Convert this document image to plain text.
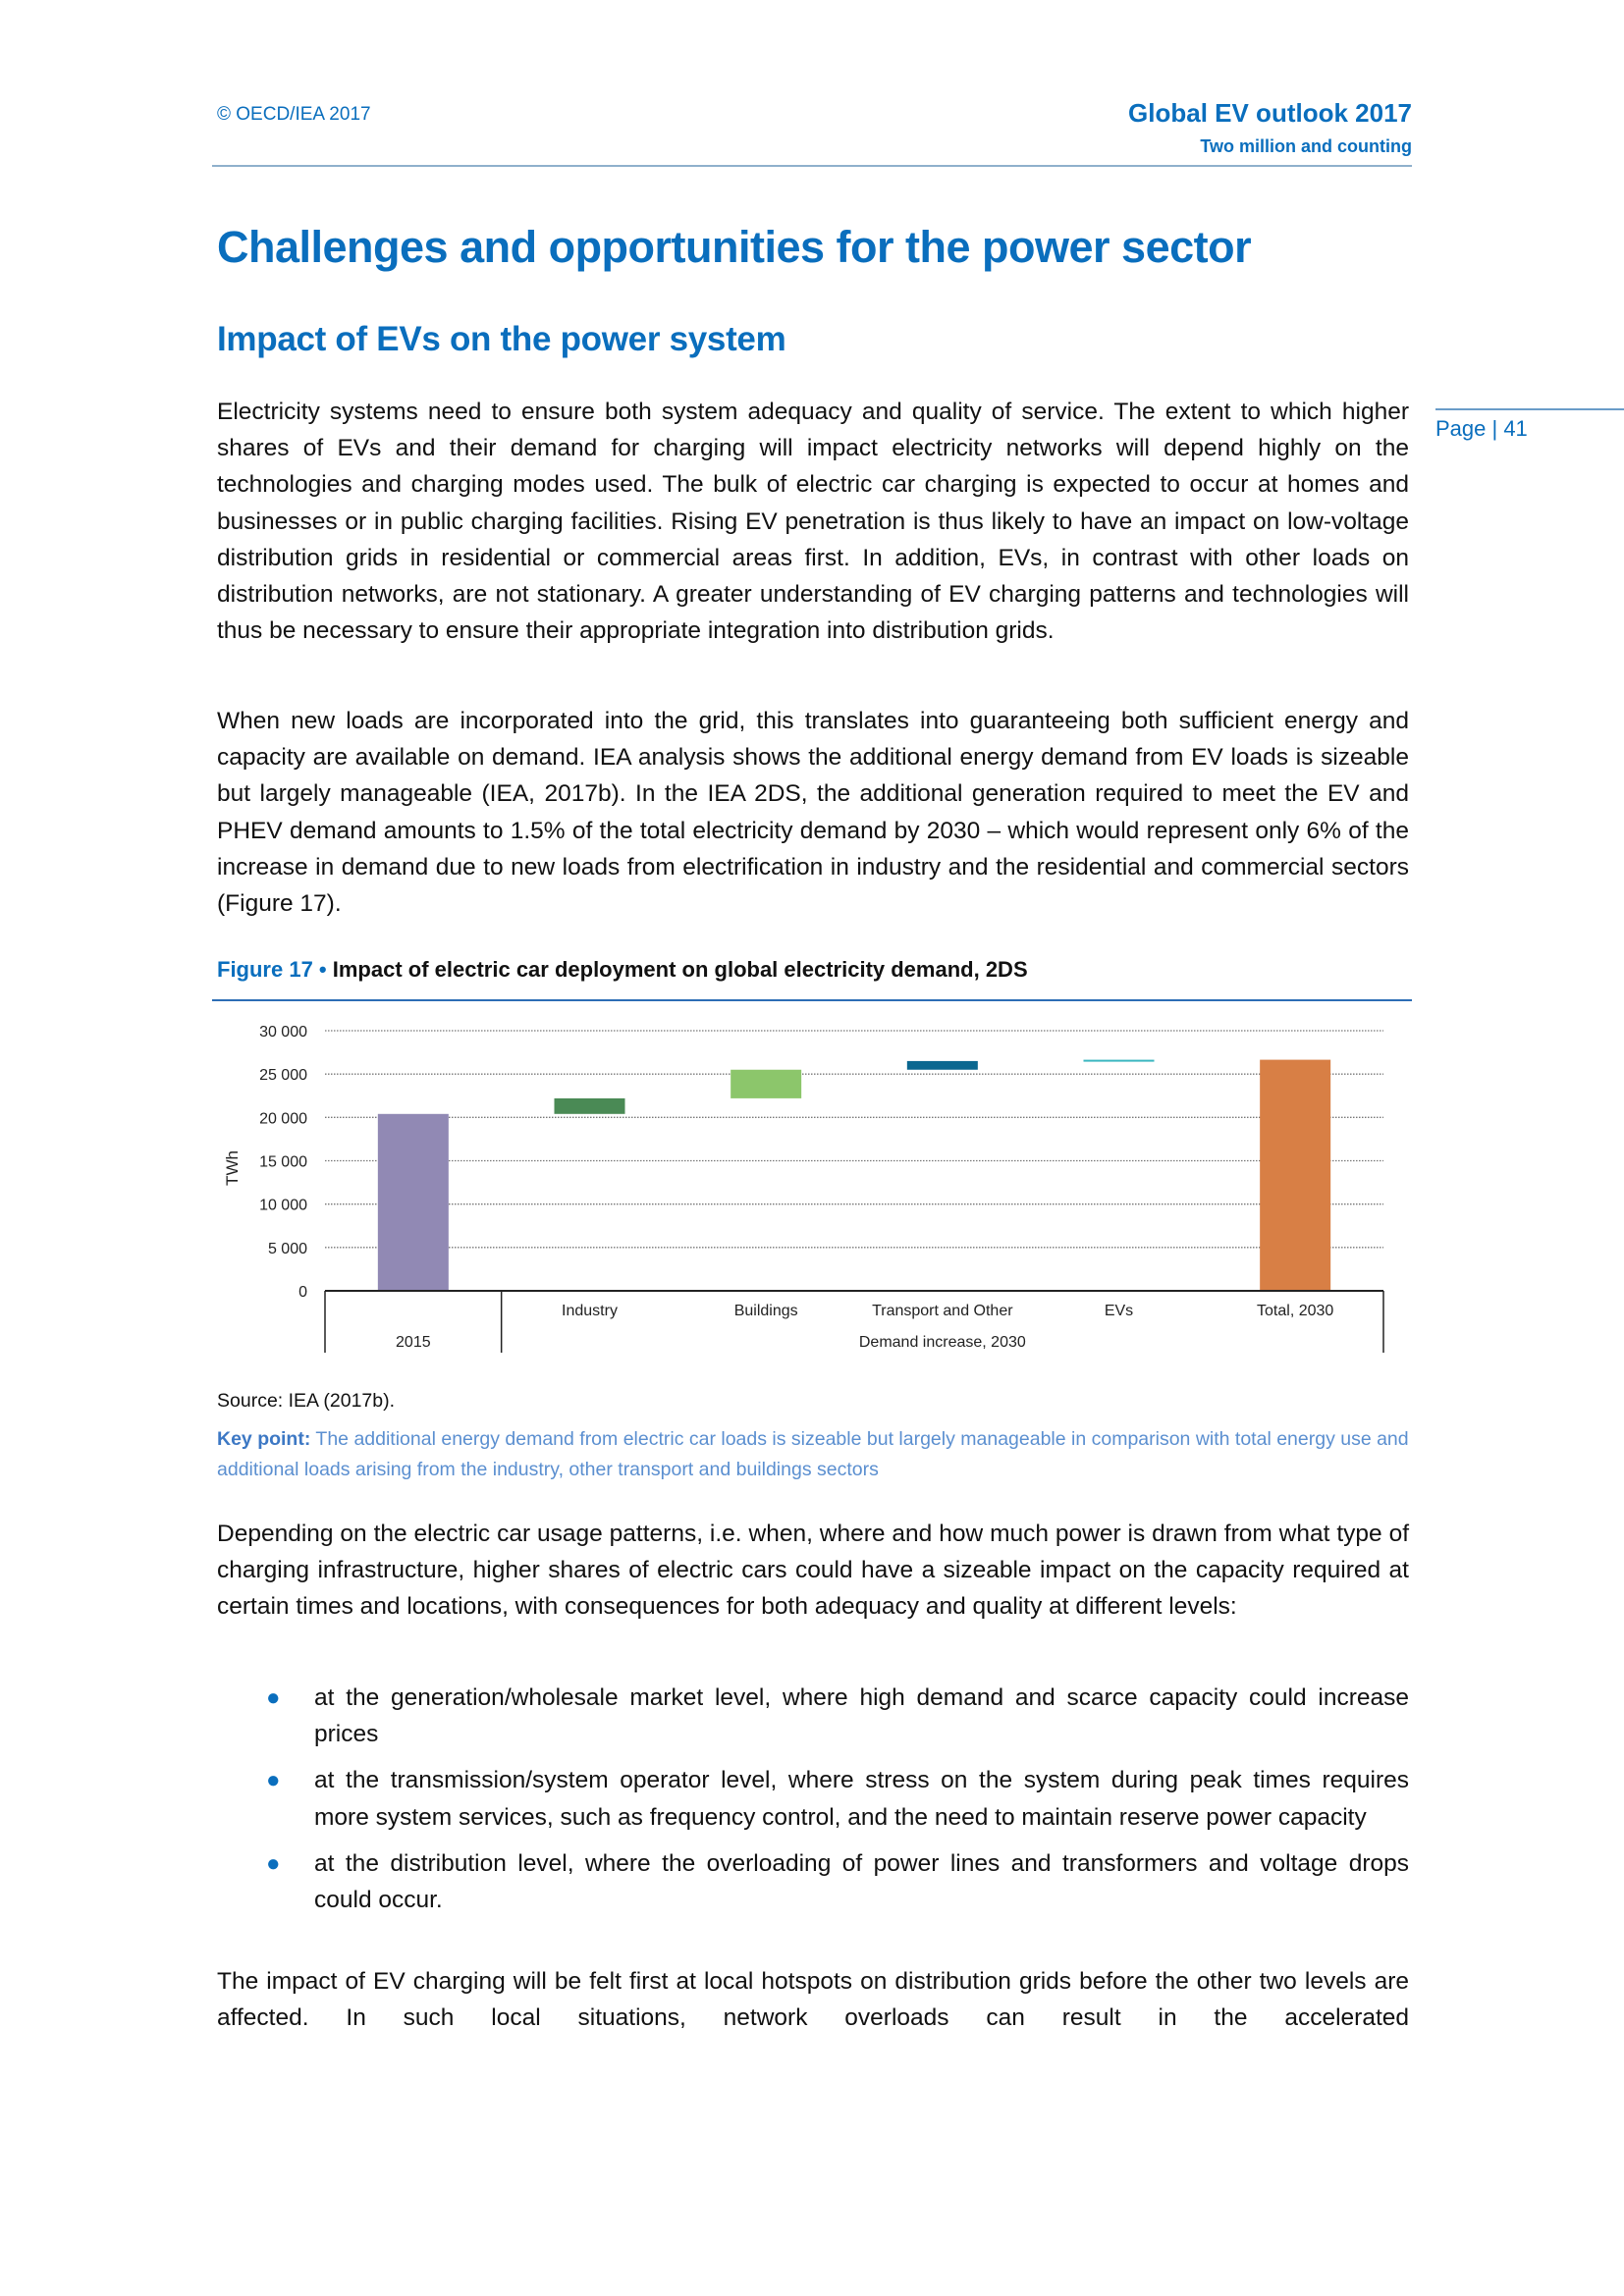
© OECD/IEA 2017	Global EV outlook 2017
Two million and counting
Challenges and opportunities for the power sector
Impact of EVs on the power system
Page | 41

Electricity systems need to ensure both system adequacy and quality of service. The extent to which higher shares of EVs and their demand for charging will impact electricity networks will depend highly on the technologies and charging modes used. The bulk of electric car charging is expected to occur at homes and businesses or in public charging facilities. Rising EV penetration is thus likely to have an impact on low-voltage distribution grids in residential or commercial areas first. In addition, EVs, in contrast with other loads on distribution networks, are not stationary. A greater understanding of EV charging patterns and technologies will thus be necessary to ensure their appropriate integration into distribution grids.

When new loads are incorporated into the grid, this translates into guaranteeing both sufficient energy and capacity are available on demand. IEA analysis shows the additional energy demand from EV loads is sizeable but largely manageable (IEA, 2017b). In the IEA 2DS, the additional generation required to meet the EV and PHEV demand amounts to 1.5% of the total electricity demand by 2030 – which would represent only 6% of the increase in demand due to new loads from electrification in industry and the residential and commercial sectors (Figure 17).

Figure 17 • Impact of electric car deployment on global electricity demand, 2DS
0
5 000
10 000
15 000
20 000
25 000
30 000
Industry	Buildings	Transport and Other	EVs	Total, 2030
2015	Demand increase, 2030
TWh
Source: IEA (2017b).
Key point: The additional energy demand from electric car loads is sizeable but largely manageable in comparison with total energy use and additional loads arising from the industry, other transport and buildings sectors

Depending on the electric car usage patterns, i.e. when, where and how much power is drawn from what type of charging infrastructure, higher shares of electric cars could have a sizeable impact on the capacity required at certain times and locations, with consequences for both adequacy and quality at different levels:

● at the generation/wholesale market level, where high demand and scarce capacity could increase prices
● at the transmission/system operator level, where stress on the system during peak times requires more system services, such as frequency control, and the need to maintain reserve power capacity
● at the distribution level, where the overloading of power lines and transformers and voltage drops could occur.

The impact of EV charging will be felt first at local hotspots on distribution grids before the other two levels are affected. In such local situations, network overloads can result in the accelerated
